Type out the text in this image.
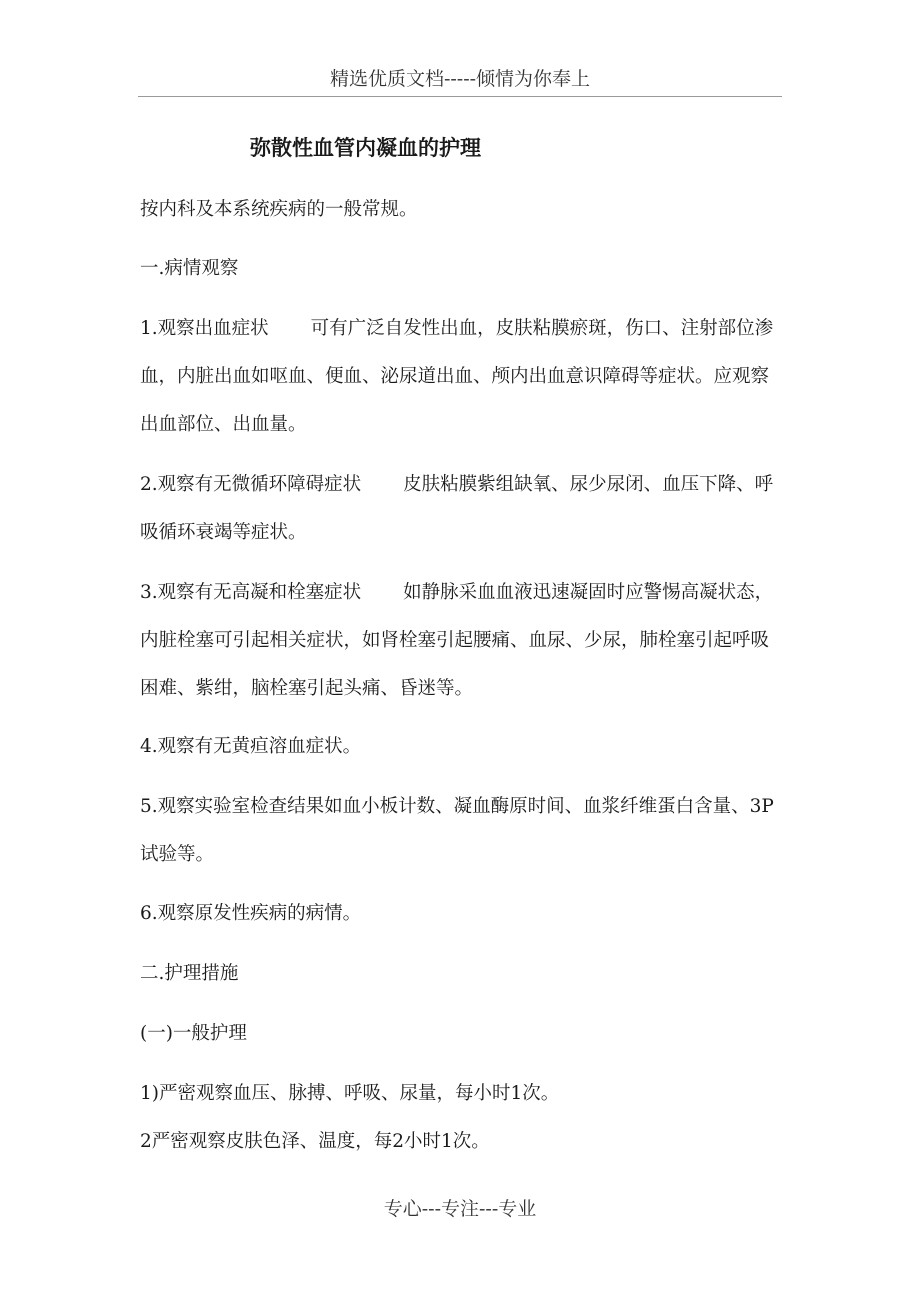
精选优质文档-----倾情为你奉上
弥散性血管内凝血的护理

按内科及本系统疾病的一般常规。

一.病情观察

1.观察出血症状 可有广泛自发性出血，皮肤粘膜瘀斑，伤口、注射部位渗血，内脏出血如呕血、便血、泌尿道出血、颅内出血意识障碍等症状。应观察出血部位、出血量。

2.观察有无微循环障碍症状 皮肤粘膜紫组缺氧、尿少尿闭、血压下降、呼吸循环衰竭等症状。

3.观察有无高凝和栓塞症状 如静脉采血血液迅速凝固时应警惕高凝状态，内脏栓塞可引起相关症状，如肾栓塞引起腰痛、血尿、少尿，肺栓塞引起呼吸困难、紫绀，脑栓塞引起头痛、昏迷等。

4.观察有无黄疸溶血症状。

5.观察实验室检查结果如血小板计数、凝血酶原时间、血浆纤维蛋白含量、3P 试验等。

6.观察原发性疾病的病情。

二.护理措施

(一)一般护理

1)严密观察血压、脉搏、呼吸、尿量，每小时1次。

2严密观察皮肤色泽、温度，每2小时1次。

专心---专注---专业
